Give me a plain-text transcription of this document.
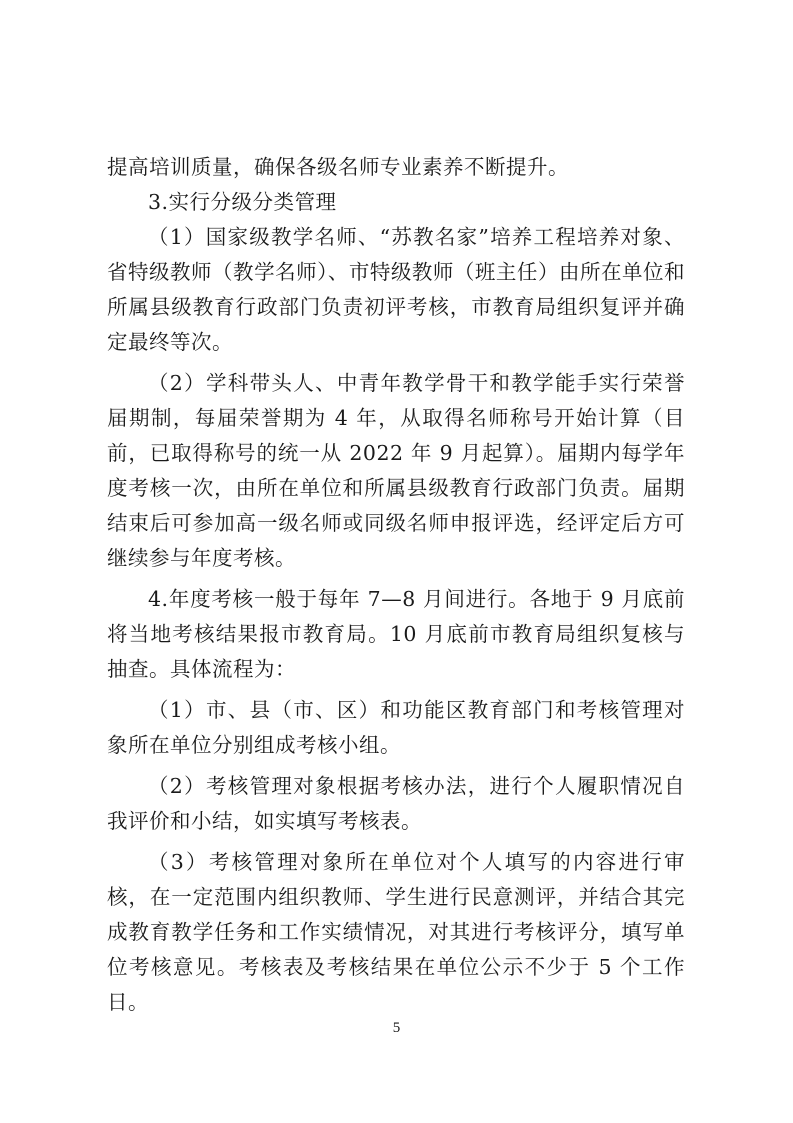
提高培训质量，确保各级名师专业素养不断提升。

3.实行分级分类管理

（1）国家级教学名师、“苏教名家”培养工程培养对象、省特级教师（教学名师）、市特级教师（班主任）由所在单位和所属县级教育行政部门负责初评考核，市教育局组织复评并确定最终等次。

（2）学科带头人、中青年教学骨干和教学能手实行荣誉届期制，每届荣誉期为 4 年，从取得名师称号开始计算（目前，已取得称号的统一从 2022 年 9 月起算）。届期内每学年度考核一次，由所在单位和所属县级教育行政部门负责。届期结束后可参加高一级名师或同级名师申报评选，经评定后方可继续参与年度考核。

4.年度考核一般于每年 7—8 月间进行。各地于 9 月底前将当地考核结果报市教育局。10 月底前市教育局组织复核与抽查。具体流程为：

（1）市、县（市、区）和功能区教育部门和考核管理对象所在单位分别组成考核小组。

（2）考核管理对象根据考核办法，进行个人履职情况自我评价和小结，如实填写考核表。

（3）考核管理对象所在单位对个人填写的内容进行审核，在一定范围内组织教师、学生进行民意测评，并结合其完成教育教学任务和工作实绩情况，对其进行考核评分，填写单位考核意见。考核表及考核结果在单位公示不少于 5 个工作日。

5
